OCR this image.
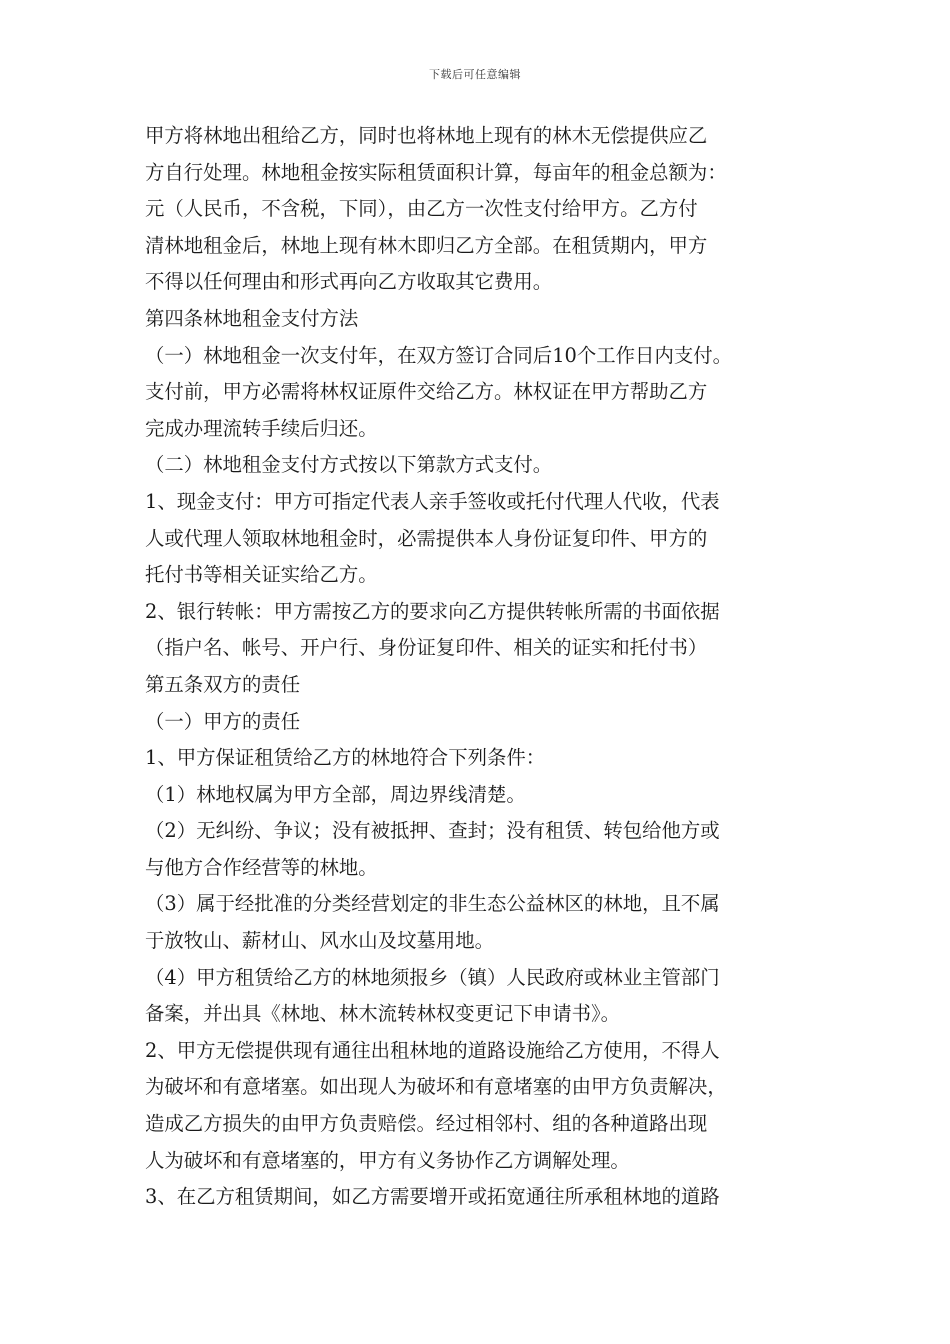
下载后可任意编辑
甲方将林地出租给乙方，同时也将林地上现有的林木无偿提供应乙
方自行处理。林地租金按实际租赁面积计算，每亩年的租金总额为：
元（人民币，不含税，下同），由乙方一次性支付给甲方。乙方付
清林地租金后，林地上现有林木即归乙方全部。在租赁期内，甲方
不得以任何理由和形式再向乙方收取其它费用。
第四条林地租金支付方法
（一）林地租金一次支付年，在双方签订合同后10个工作日内支付。
支付前，甲方必需将林权证原件交给乙方。林权证在甲方帮助乙方
完成办理流转手续后归还。
（二）林地租金支付方式按以下第款方式支付。
1、现金支付：甲方可指定代表人亲手签收或托付代理人代收，代表
人或代理人领取林地租金时，必需提供本人身份证复印件、甲方的
托付书等相关证实给乙方。
2、银行转帐：甲方需按乙方的要求向乙方提供转帐所需的书面依据
（指户名、帐号、开户行、身份证复印件、相关的证实和托付书）
第五条双方的责任
（一）甲方的责任
1、甲方保证租赁给乙方的林地符合下列条件：
（1）林地权属为甲方全部，周边界线清楚。
（2）无纠纷、争议；没有被抵押、查封；没有租赁、转包给他方或
与他方合作经营等的林地。
（3）属于经批准的分类经营划定的非生态公益林区的林地，且不属
于放牧山、薪材山、风水山及坟墓用地。
（4）甲方租赁给乙方的林地须报乡（镇）人民政府或林业主管部门
备案，并出具《林地、林木流转林权变更记下申请书》。
2、甲方无偿提供现有通往出租林地的道路设施给乙方使用，不得人
为破坏和有意堵塞。如出现人为破坏和有意堵塞的由甲方负责解决，
造成乙方损失的由甲方负责赔偿。经过相邻村、组的各种道路出现
人为破坏和有意堵塞的，甲方有义务协作乙方调解处理。
3、在乙方租赁期间，如乙方需要增开或拓宽通往所承租林地的道路
